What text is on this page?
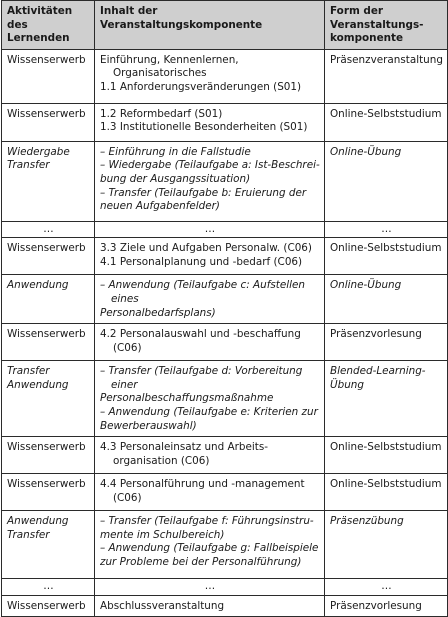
Aktivitäten des Lernenden	Inhalt der Veranstaltungskomponente	Form der Veranstaltungs-komponente

Wissenserwerb	Einführung, Kennenlernen,
Organisatorisches
1.1 Anforderungsveränderungen (S01)	Präsenzveranstaltung

Wissenserwerb	1.2 Reformbedarf (S01)
1.3 Institutionelle Besonderheiten (S01)	Online-Selbststudium

Wiedergabe
Transfer	– Einführung in die Fallstudie
– Wiedergabe (Teilaufgabe a: Ist-Beschrei-
bung der Ausgangssituation)
– Transfer (Teilaufgabe b: Eruierung der
neuen Aufgabenfelder)	Online-Übung
…	…	…

Wissenserwerb	3.3 Ziele und Aufgaben Personalw. (C06)
4.1 Personalplanung und -bedarf (C06)	Online-Selbststudium

Anwendung	– Anwendung (Teilaufgabe c: Aufstellen eines
Personalbedarfsplans)	Online-Übung

Wissenserwerb	4.2 Personalauswahl und -beschaffung
(C06)	Präsenzvorlesung

Transfer
Anwendung	– Transfer (Teilaufgabe d: Vorbereitung einer
Personalbeschaffungsmaßnahme
– Anwendung (Teilaufgabe e: Kriterien zur
Bewerberauswahl)	Blended-Learning-Übung

Wissenserwerb	4.3 Personaleinsatz und Arbeits-
organisation (C06)	Online-Selbststudium

Wissenserwerb	4.4 Personalführung und -management
(C06)	Online-Selbststudium

Anwendung
Transfer	– Transfer (Teilaufgabe f: Führungsinstru-
mente im Schulbereich)
– Anwendung (Teilaufgabe g: Fallbeispiele
zur Probleme bei der Personalführung)	Präsenzübung
…	…	…

Wissenserwerb	Abschlussveranstaltung	Präsenzvorlesung
